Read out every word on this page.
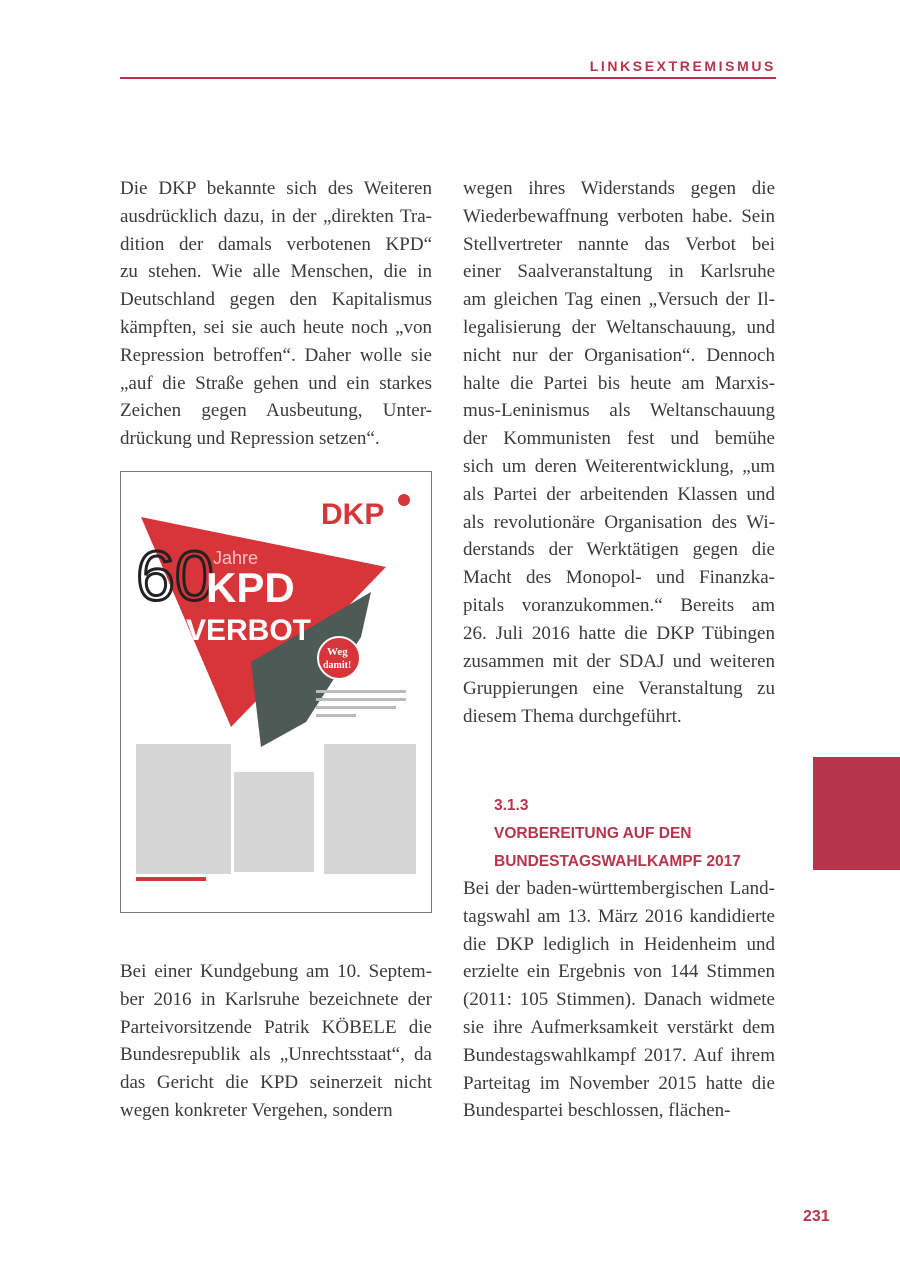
LINKSEXTREMISMUS
Die DKP bekannte sich des Weiteren
ausdrücklich dazu, in der „direkten Tra-
dition der damals verbotenen KPD“
zu stehen. Wie alle Menschen, die in
Deutschland gegen den Kapitalismus
kämpften, sei sie auch heute noch „von
Repression betroffen“. Daher wolle sie
„auf die Straße gehen und ein starkes
Zeichen gegen Ausbeutung, Unter-
drückung und Repression setzen“.
DKP
60 Jahre
KPD
VERBOT
Weg
damit!
Bei einer Kundgebung am 10. Septem-
ber 2016 in Karlsruhe bezeichnete der
Parteivorsitzende Patrik KÖBELE die
Bundesrepublik als „Unrechtsstaat“, da
das Gericht die KPD seinerzeit nicht
wegen konkreter Vergehen, sondern
wegen ihres Widerstands gegen die
Wiederbewaffnung verboten habe. Sein
Stellvertreter nannte das Verbot bei
einer Saalveranstaltung in Karlsruhe
am gleichen Tag einen „Versuch der Il-
legalisierung der Weltanschauung, und
nicht nur der Organisation“. Dennoch
halte die Partei bis heute am Marxis-
mus-Leninismus als Weltanschauung
der Kommunisten fest und bemühe
sich um deren Weiterentwicklung, „um
als Partei der arbeitenden Klassen und
als revolutionäre Organisation des Wi-
derstands der Werktätigen gegen die
Macht des Monopol- und Finanzka-
pitals voranzukommen.“ Bereits am
26. Juli 2016 hatte die DKP Tübingen
zusammen mit der SDAJ und weiteren
Gruppierungen eine Veranstaltung zu
diesem Thema durchgeführt.
3.1.3
VORBEREITUNG AUF DEN
BUNDESTAGSWAHLKAMPF 2017
Bei der baden-württembergischen Land-
tagswahl am 13. März 2016 kandidierte
die DKP lediglich in Heidenheim und
erzielte ein Ergebnis von 144 Stimmen
(2011: 105 Stimmen). Danach widmete
sie ihre Aufmerksamkeit verstärkt dem
Bundestagswahlkampf 2017. Auf ihrem
Parteitag im November 2015 hatte die
Bundespartei beschlossen, flächen-
231
